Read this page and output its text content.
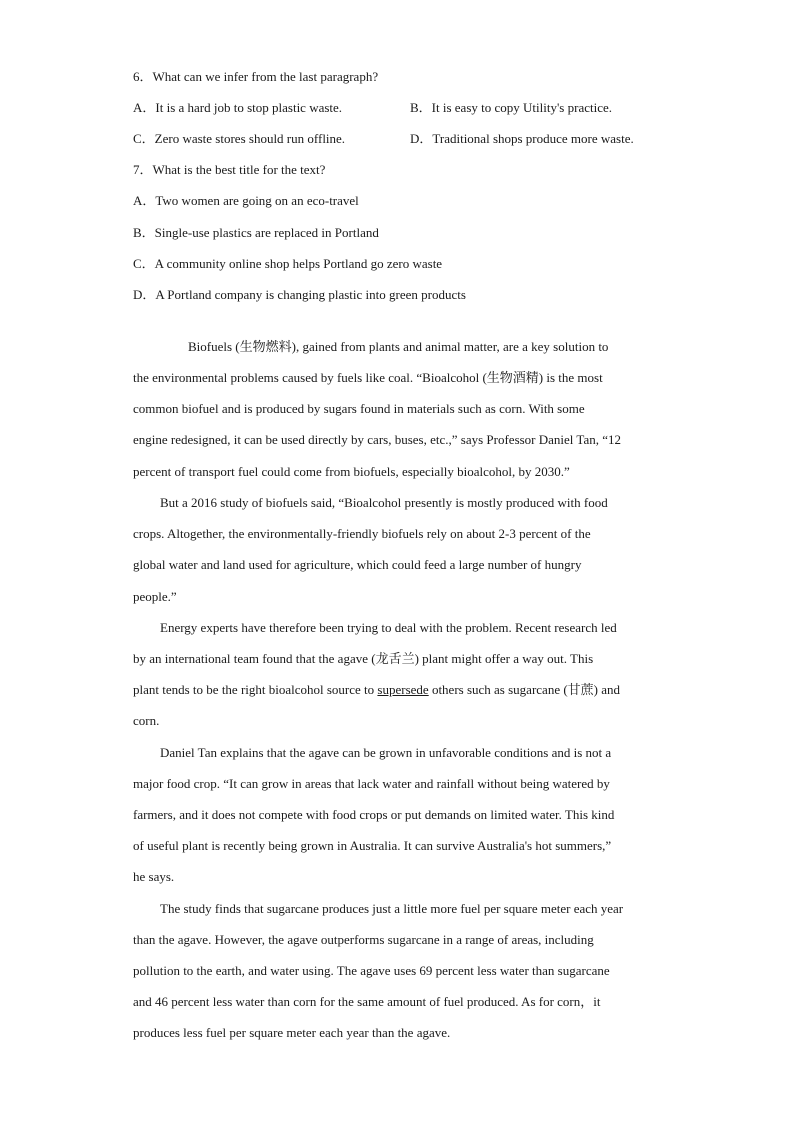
6．What can we infer from the last paragraph?
A．It is a hard job to stop plastic waste.	B．It is easy to copy Utility's practice.
C．Zero waste stores should run offline.	D．Traditional shops produce more waste.
7．What is the best title for the text?
A．Two women are going on an eco-travel
B．Single-use plastics are replaced in Portland
C．A community online shop helps Portland go zero waste
D．A Portland company is changing plastic into green products
Biofuels (生物燃料), gained from plants and animal matter, are a key solution to
the environmental problems caused by fuels like coal. “Bioalcohol (生物酒精) is the most
common biofuel and is produced by sugars found in materials such as corn. With some
engine redesigned, it can be used directly by cars, buses, etc.,” says Professor Daniel Tan, “12
percent of transport fuel could come from biofuels, especially bioalcohol, by 2030.”
But a 2016 study of biofuels said, “Bioalcohol presently is mostly produced with food
crops. Altogether, the environmentally-friendly biofuels rely on about 2-3 percent of the
global water and land used for agriculture, which could feed a large number of hungry
people.”
Energy experts have therefore been trying to deal with the problem. Recent research led
by an international team found that the agave (龙舌兰) plant might offer a way out. This
plant tends to be the right bioalcohol source to supersede others such as sugarcane (甘蔗) and
corn.
Daniel Tan explains that the agave can be grown in unfavorable conditions and is not a
major food crop. “It can grow in areas that lack water and rainfall without being watered by
farmers, and it does not compete with food crops or put demands on limited water. This kind
of useful plant is recently being grown in Australia. It can survive Australia's hot summers,”
he says.
The study finds that sugarcane produces just a little more fuel per square meter each year
than the agave. However, the agave outperforms sugarcane in a range of areas, including
pollution to the earth, and water using. The agave uses 69 percent less water than sugarcane
and 46 percent less water than corn for the same amount of fuel produced. As for corn，it
produces less fuel per square meter each year than the agave.
